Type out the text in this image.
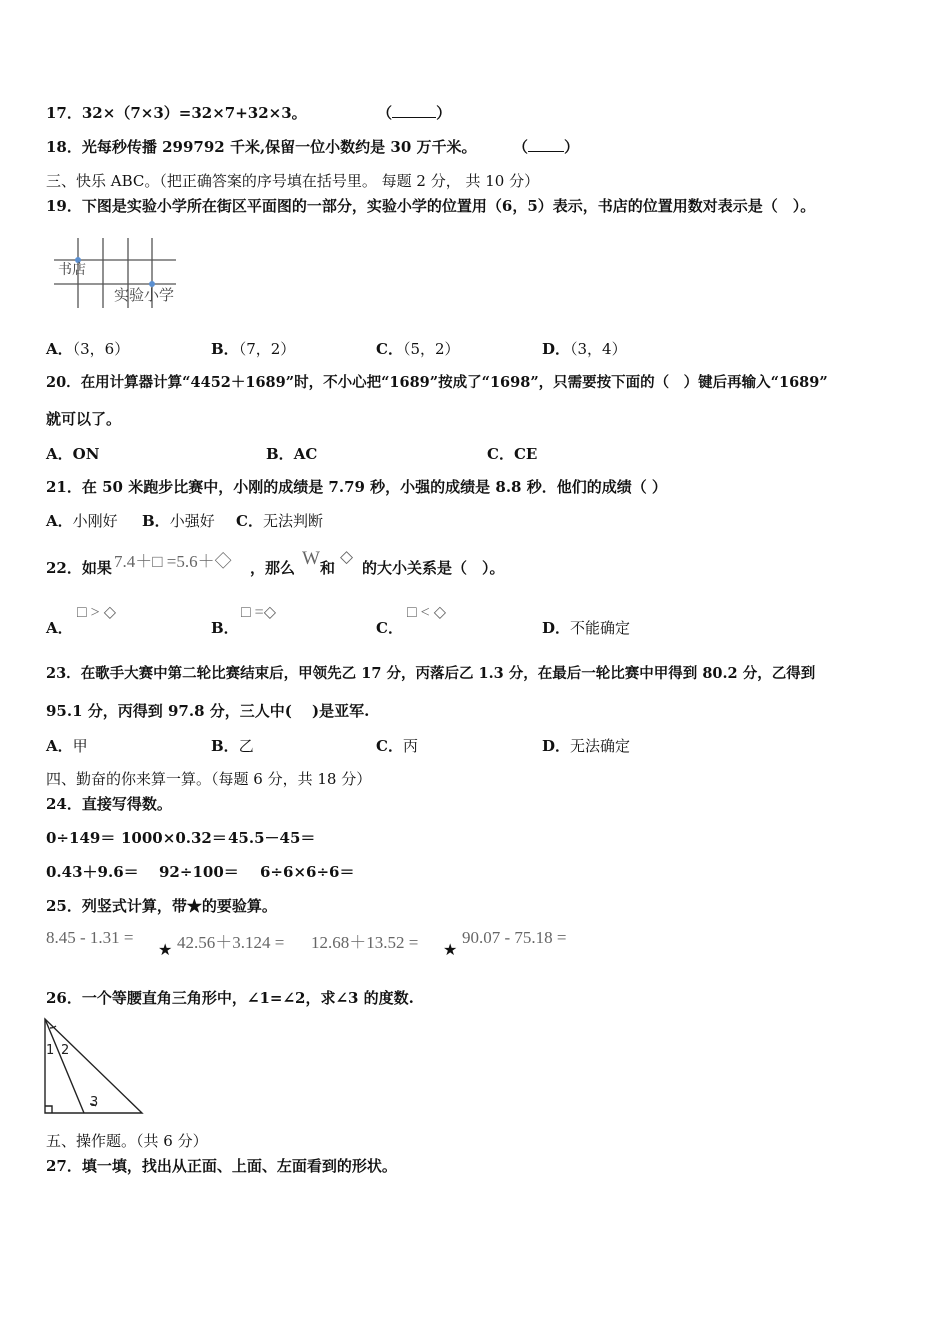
17．32×（7×3）=32×7+32×3。	（	）
18．光每秒传播 299792 千米,保留一位小数约是 30 万千米。 （ ）
三、快乐 ABC。（把正确答案的序号填在括号里。 每题 2 分， 共 10 分）
19．下图是实验小学所在街区平面图的一部分，实验小学的位置用（6，5）表示，书店的位置用数对表示是（　）。
书店
实验小学
A．（3，6）	B．（7，2）	C．（5，2）	D．（3，4）
20．在用计算器计算“4452＋1689”时，不小心把“1689”按成了“1698”，只需要按下面的（　）键后再输入“1689”
就可以了。
A．ON	B．AC	C．CE
21．在 50 米跑步比赛中，小刚的成绩是 7.79 秒，小强的成绩是 8.8 秒．他们的成绩（ ）
A．小刚好 B．小强好 C．无法判断
22．如果 7.4＋□ =5.6＋◇ ，那么 W 和
◇
的大小关系是（　）。
A．
□ > ◇
B．
□ =◇
C．
□ < ◇
D．不能确定
23．在歌手大赛中第二轮比赛结束后，甲领先乙 17 分，丙落后乙 1.3 分，在最后一轮比赛中甲得到 80.2 分，乙得到
95.1 分，丙得到 97.8 分，三人中(　 )是亚军.
A．甲	B．乙	C．丙	D．无法确定
四、勤奋的你来算一算。（每题 6 分，共 18 分）
24．直接写得数。
0÷149＝ 1000×0.32＝ 45.5－45＝
0.43＋9.6＝ 92÷100＝ 6÷6×6÷6＝
25．列竖式计算，带★的要验算。
8.45 - 1.31 =
★ 42.56＋3.124 = 12.68＋13.52 = ★
90.07 - 75.18 =
26．一个等腰直角三角形中，∠1=∠2，求∠3 的度数.
1 2
3
五、操作题。（共 6 分）
27．填一填，找出从正面、上面、左面看到的形状。
